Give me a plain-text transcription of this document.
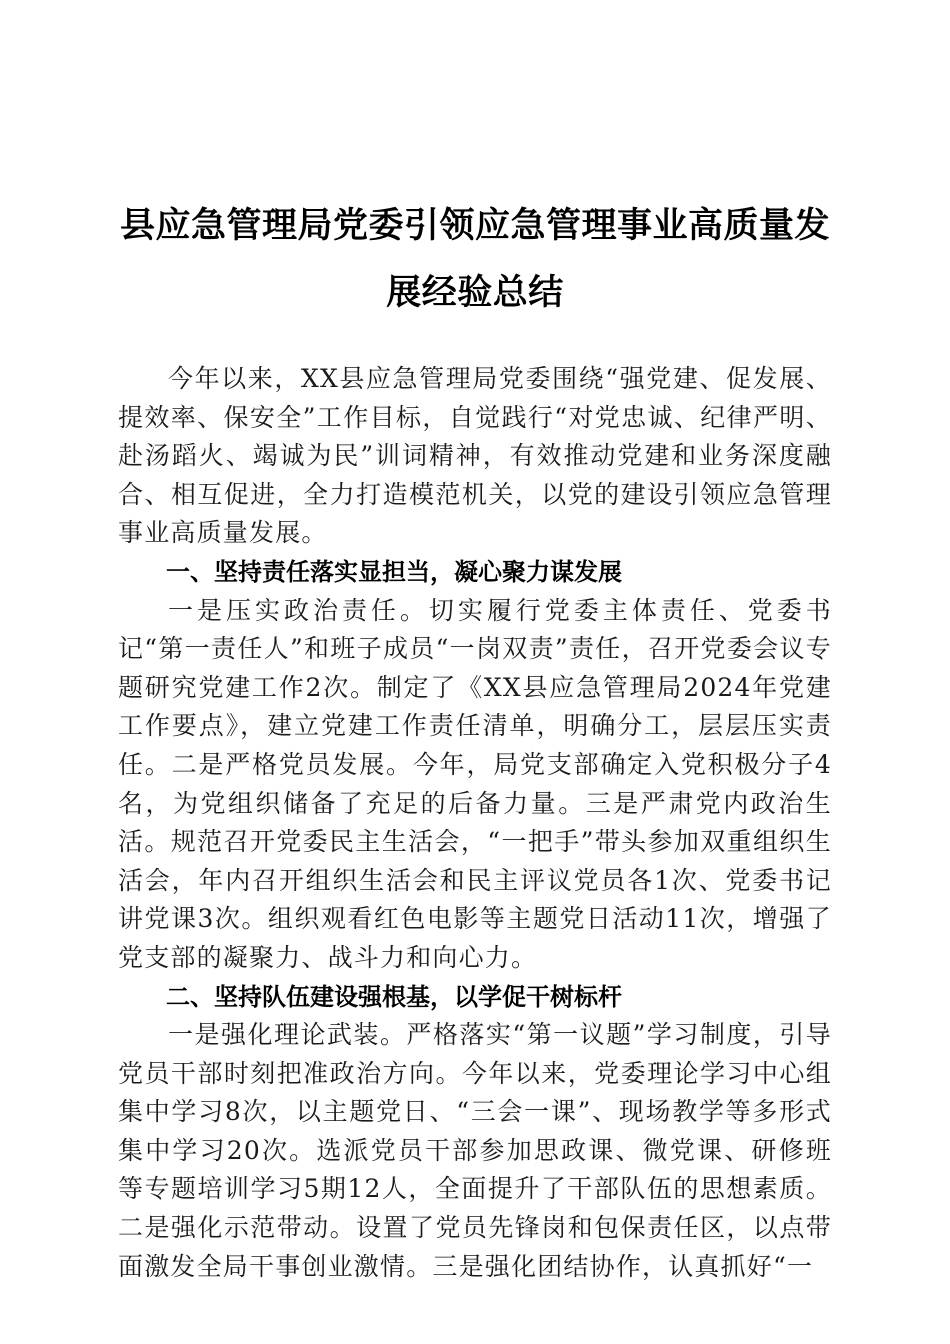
县应急管理局党委引领应急管理事业高质量发展经验总结

今年以来，XX县应急管理局党委围绕“强党建、促发展、提效率、保安全”工作目标，自觉践行“对党忠诚、纪律严明、赴汤蹈火、竭诚为民”训词精神，有效推动党建和业务深度融合、相互促进，全力打造模范机关，以党的建设引领应急管理事业高质量发展。

一、坚持责任落实显担当，凝心聚力谋发展

一是压实政治责任。切实履行党委主体责任、党委书记“第一责任人”和班子成员“一岗双责”责任，召开党委会议专题研究党建工作2次。制定了《XX县应急管理局2024年党建工作要点》，建立党建工作责任清单，明确分工，层层压实责任。二是严格党员发展。今年，局党支部确定入党积极分子4名，为党组织储备了充足的后备力量。三是严肃党内政治生活。规范召开党委民主生活会，“一把手”带头参加双重组织生活会，年内召开组织生活会和民主评议党员各1次、党委书记讲党课3次。组织观看红色电影等主题党日活动11次，增强了党支部的凝聚力、战斗力和向心力。

二、坚持队伍建设强根基，以学促干树标杆

一是强化理论武装。严格落实“第一议题”学习制度，引导党员干部时刻把准政治方向。今年以来，党委理论学习中心组集中学习8次，以主题党日、“三会一课”、现场教学等多形式集中学习20次。选派党员干部参加思政课、微党课、研修班等专题培训学习5期12人，全面提升了干部队伍的思想素质。二是强化示范带动。设置了党员先锋岗和包保责任区，以点带面激发全局干事创业激情。三是强化团结协作，认真抓好“一
